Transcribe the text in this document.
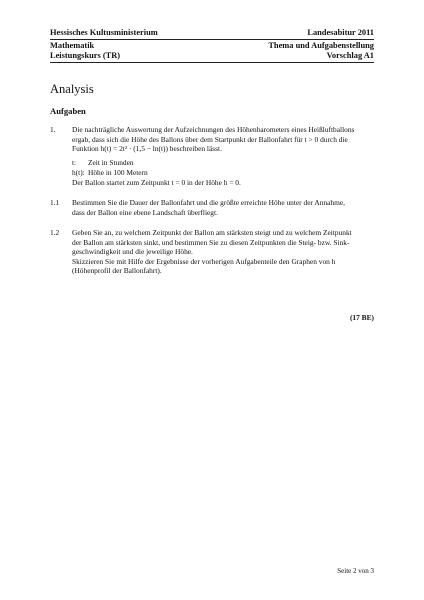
Hessisches Kultusministerium	Landesabitur 2011
Mathematik	Thema und Aufgabenstellung
Leistungskurs (TR)	Vorschlag A1
Analysis
Aufgaben
1. Die nachträgliche Auswertung der Aufzeichnungen des Höhenbarometers eines Heißluftballons
ergab, dass sich die Höhe des Ballons über dem Startpunkt der Ballonfahrt für t > 0 durch die
Funktion h(t) = 2t² · (1,5 − ln(t)) beschreiben lässt.
t:	Zeit in Stunden
h(t): Höhe in 100 Metern
Der Ballon startet zum Zeitpunkt t = 0 in der Höhe h = 0.
1.1 Bestimmen Sie die Dauer der Ballonfahrt und die größte erreichte Höhe unter der Annahme,
dass der Ballon eine ebene Landschaft überfliegt.
1.2 Geben Sie an, zu welchem Zeitpunkt der Ballon am stärksten steigt und zu welchem Zeitpunkt
der Ballon am stärksten sinkt, und bestimmen Sie zu diesen Zeitpunkten die Steig- bzw. Sink-
geschwindigkeit und die jeweilige Höhe.
Skizzieren Sie mit Hilfe der Ergebnisse der vorherigen Aufgabenteile den Graphen von h
(Höhenprofil der Ballonfahrt).
(17 BE)
Seite 2 von 3
